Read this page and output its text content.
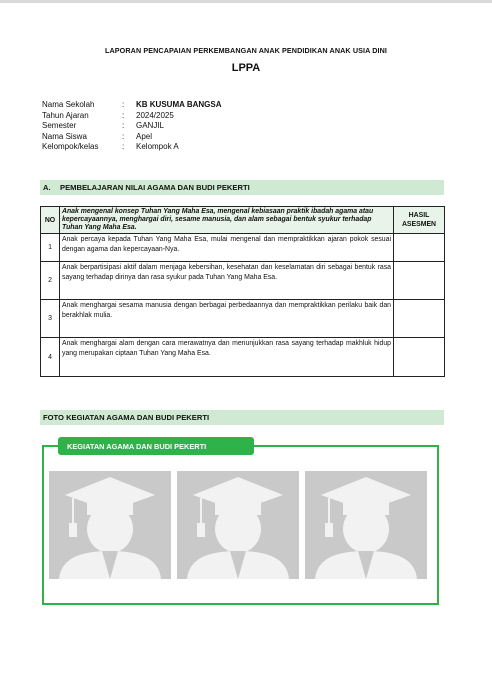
LAPORAN PENCAPAIAN PERKEMBANGAN ANAK PENDIDIKAN ANAK USIA DINI
LPPA
Nama Sekolah	:	KB KUSUMA BANGSA
Tahun Ajaran	:	2024/2025
Semester	:	GANJIL
Nama Siswa	:	Apel
Kelompok/kelas	:	Kelompok A
A. PEMBELAJARAN NILAI AGAMA DAN BUDI PEKERTI
NO	Anak mengenal konsep Tuhan Yang Maha Esa, mengenal kebiasaan praktik ibadah agama atau kepercayaannya, menghargai diri, sesame manusia, dan alam sebagai bentuk syukur terhadap Tuhan Yang Maha Esa.	HASIL ASESMEN
1	Anak percaya kepada Tuhan Yang Maha Esa, mulai mengenal dan mempraktikkan ajaran pokok sesuai dengan agama dan kepercayaan-Nya.	
2	Anak berpartisipasi aktif dalam menjaga kebersihan, kesehatan dan keselamatan diri sebagai bentuk rasa sayang terhadap dirinya dan rasa syukur pada Tuhan Yang Maha Esa.	
3	Anak menghargai sesama manusia dengan berbagai perbedaannya dan mempraktikkan perilaku baik dan berakhlak mulia.	
4	Anak menghargai alam dengan cara merawatnya dan menunjukkan rasa sayang terhadap makhluk hidup yang merupakan ciptaan Tuhan Yang Maha Esa.	
FOTO KEGIATAN AGAMA DAN BUDI PEKERTI
KEGIATAN AGAMA DAN BUDI PEKERTI
